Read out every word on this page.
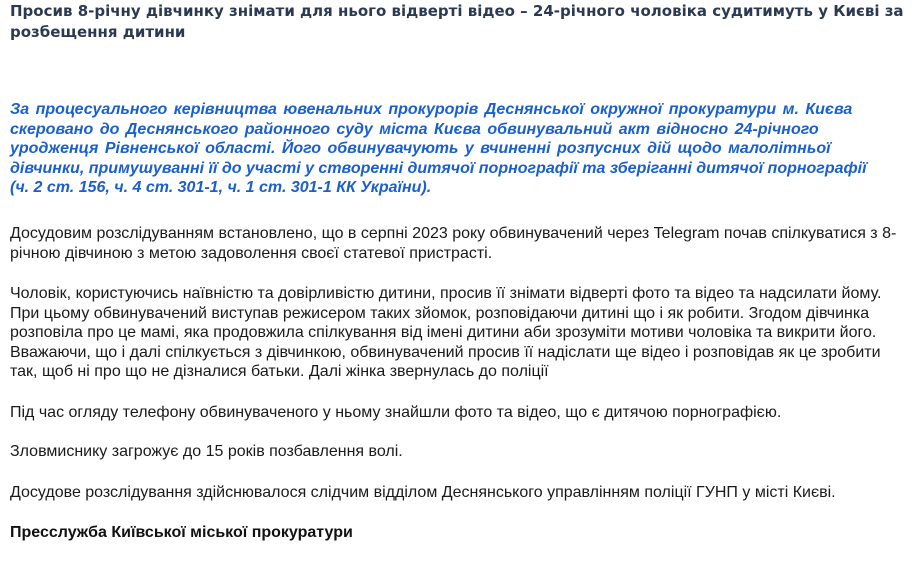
Просив 8-річну дівчинку знімати для нього відверті відео – 24-річного чоловіка судитимуть у Києві за
розбещення дитини

За процесуального керівництва ювенальних прокурорів Деснянської окружної прокуратури м. Києва
скеровано до Деснянського районного суду міста Києва обвинувальний акт відносно 24-річного
уродженця Рівненської області. Його обвинувачують у вчиненні розпусних дій щодо малолітньої
дівчинки, примушуванні її до участі у створенні дитячої порнографії та зберіганні дитячої порнографії
(ч. 2 ст. 156, ч. 4 ст. 301-1, ч. 1 ст. 301-1 КК України).

Досудовим розслідуванням встановлено, що в серпні 2023 року обвинувачений через Telegram почав спілкуватися з 8-
річною дівчиною з метою задоволення своєї статевої пристрасті.

Чоловік, користуючись наївністю та довірливістю дитини, просив її знімати відверті фото та відео та надсилати йому.
При цьому обвинувачений виступав режисером таких зйомок, розповідаючи дитині що і як робити. Згодом дівчинка
розповіла про це мамі, яка продовжила спілкування від імені дитини аби зрозуміти мотиви чоловіка та викрити його.
Вважаючи, що і далі спілкується з дівчинкою, обвинувачений просив її надіслати ще відео і розповідав як це зробити
так, щоб ні про що не дізналися батьки. Далі жінка звернулась до поліції

Під час огляду телефону обвинуваченого у ньому знайшли фото та відео, що є дитячою порнографією.

Зловмиснику загрожує до 15 років позбавлення волі.

Досудове розслідування здійснювалося слідчим відділом Деснянського управлінням поліції ГУНП у місті Києві.

Пресслужба Київської міської прокуратури
